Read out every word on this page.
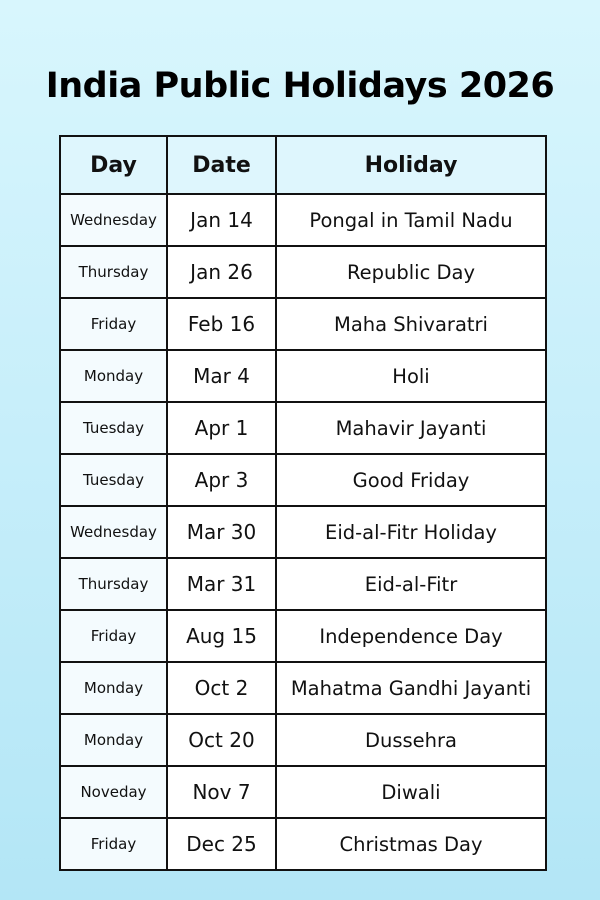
India Public Holidays 2026
Day	Date	Holiday
Wednesday	Jan 14	Pongal in Tamil Nadu
Thursday	Jan 26	Republic Day
Friday	Feb 16	Maha Shivaratri
Monday	Mar 4	Holi
Tuesday	Apr 1	Mahavir Jayanti
Tuesday	Apr 3	Good Friday
Wednesday	Mar 30	Eid-al-Fitr Holiday
Thursday	Mar 31	Eid-al-Fitr
Friday	Aug 15	Independence Day
Monday	Oct 2	Mahatma Gandhi Jayanti
Monday	Oct 20	Dussehra
Noveday	Nov 7	Diwali
Friday	Dec 25	Christmas Day
